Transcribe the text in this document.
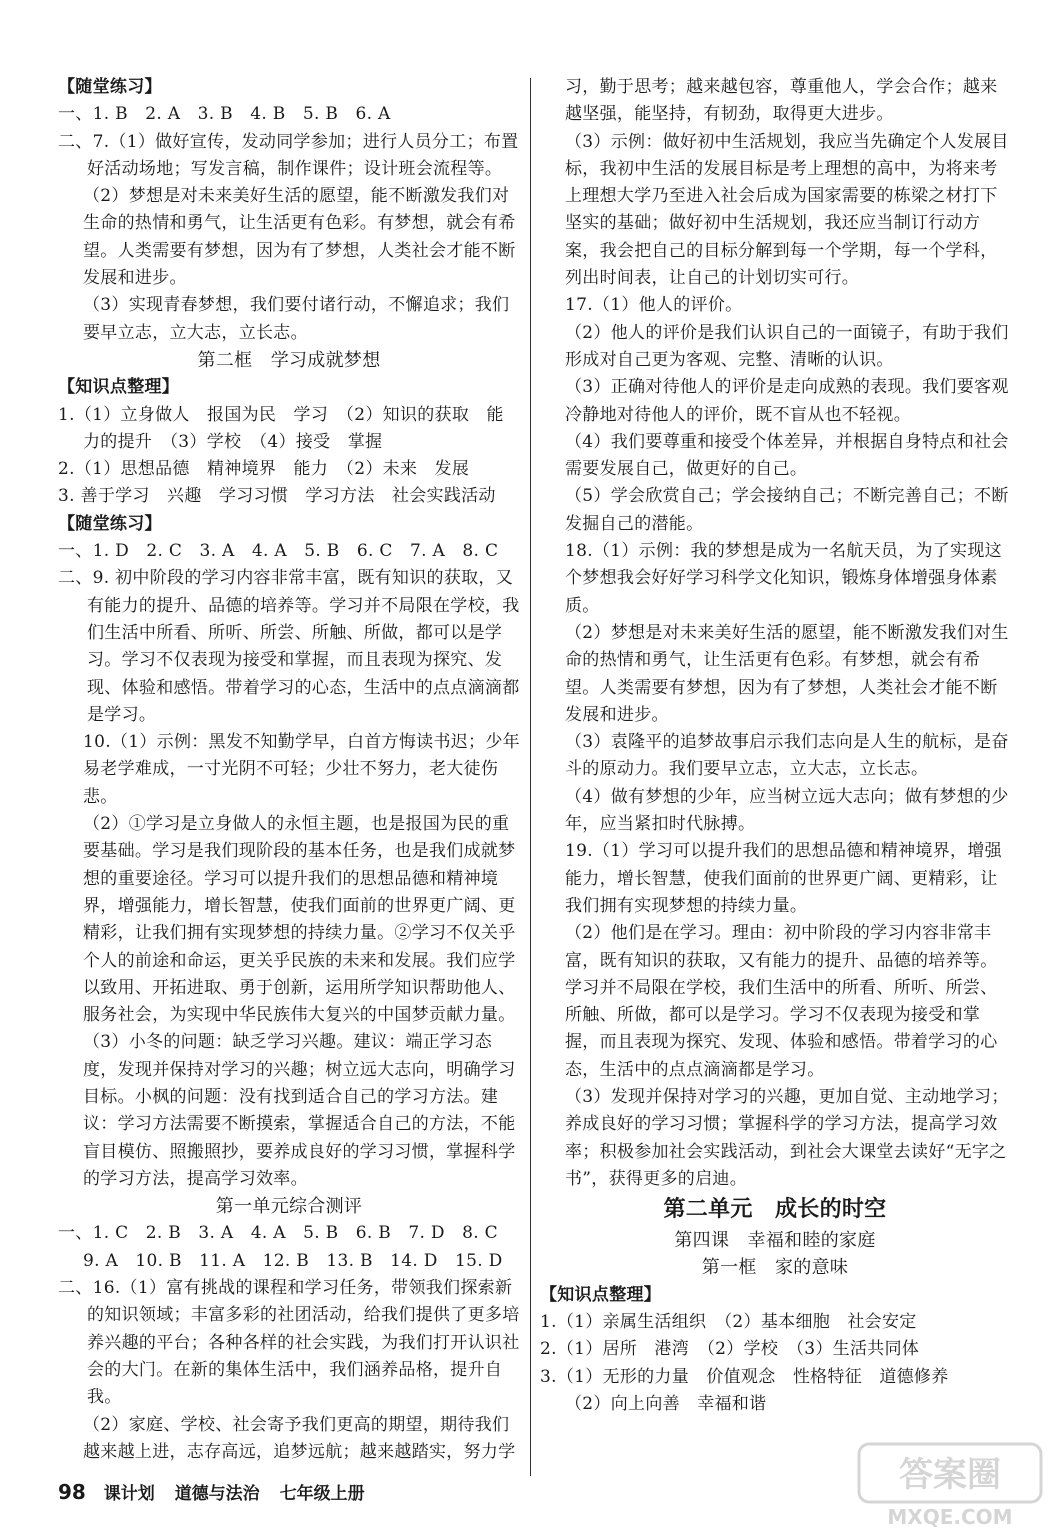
【随堂练习】

一、1. B　2. A　3. B　4. B　5. B　6. A

二、7.（1）做好宣传，发动同学参加；进行人员分工；布置好活动场地；写发言稿，制作课件；设计班会流程等。

（2）梦想是对未来美好生活的愿望，能不断激发我们对生命的热情和勇气，让生活更有色彩。有梦想，就会有希望。人类需要有梦想，因为有了梦想，人类社会才能不断发展和进步。

（3）实现青春梦想，我们要付诸行动，不懈追求；我们要早立志，立大志，立长志。

第二框　学习成就梦想

【知识点整理】

1.（1）立身做人　报国为民　学习　（2）知识的获取　能力的提升　（3）学校　（4）接受　掌握

2.（1）思想品德　精神境界　能力　（2）未来　发展

3. 善于学习　兴趣　学习习惯　学习方法　社会实践活动

【随堂练习】

一、1. D　2. C　3. A　4. A　5. B　6. C　7. A　8. C

二、9. 初中阶段的学习内容非常丰富，既有知识的获取，又有能力的提升、品德的培养等。学习并不局限在学校，我们生活中所看、所听、所尝、所触、所做，都可以是学习。学习不仅表现为接受和掌握，而且表现为探究、发现、体验和感悟。带着学习的心态，生活中的点点滴滴都是学习。

10.（1）示例：黑发不知勤学早，白首方悔读书迟；少年易老学难成，一寸光阴不可轻；少壮不努力，老大徒伤悲。

（2）①学习是立身做人的永恒主题，也是报国为民的重要基础。学习是我们现阶段的基本任务，也是我们成就梦想的重要途径。学习可以提升我们的思想品德和精神境界，增强能力，增长智慧，使我们面前的世界更广阔、更精彩，让我们拥有实现梦想的持续力量。②学习不仅关乎个人的前途和命运，更关乎民族的未来和发展。我们应学以致用、开拓进取、勇于创新，运用所学知识帮助他人、服务社会，为实现中华民族伟大复兴的中国梦贡献力量。

（3）小冬的问题：缺乏学习兴趣。建议：端正学习态度，发现并保持对学习的兴趣；树立远大志向，明确学习目标。小枫的问题：没有找到适合自己的学习方法。建议：学习方法需要不断摸索，掌握适合自己的方法，不能盲目模仿、照搬照抄，要养成良好的学习习惯，掌握科学的学习方法，提高学习效率。

第一单元综合测评

一、1. C　2. B　3. A　4. A　5. B　6. B　7. D　8. C

9. A　10. B　11. A　12. B　13. B　14. D　15. D

二、16.（1）富有挑战的课程和学习任务，带领我们探索新的知识领域；丰富多彩的社团活动，给我们提供了更多培养兴趣的平台；各种各样的社会实践，为我们打开认识社会的大门。在新的集体生活中，我们涵养品格，提升自我。

（2）家庭、学校、社会寄予我们更高的期望，期待我们越来越上进，志存高远，追梦远航；越来越踏实，努力学

习，勤于思考；越来越包容，尊重他人，学会合作；越来越坚强，能坚持，有韧劲，取得更大进步。

（3）示例：做好初中生活规划，我应当先确定个人发展目标，我初中生活的发展目标是考上理想的高中，为将来考上理想大学乃至进入社会后成为国家需要的栋梁之材打下坚实的基础；做好初中生活规划，我还应当制订行动方案，我会把自己的目标分解到每一个学期，每一个学科，列出时间表，让自己的计划切实可行。

17.（1）他人的评价。

（2）他人的评价是我们认识自己的一面镜子，有助于我们形成对自己更为客观、完整、清晰的认识。

（3）正确对待他人的评价是走向成熟的表现。我们要客观冷静地对待他人的评价，既不盲从也不轻视。

（4）我们要尊重和接受个体差异，并根据自身特点和社会需要发展自己，做更好的自己。

（5）学会欣赏自己；学会接纳自己；不断完善自己；不断发掘自己的潜能。

18.（1）示例：我的梦想是成为一名航天员，为了实现这个梦想我会好好学习科学文化知识，锻炼身体增强身体素质。

（2）梦想是对未来美好生活的愿望，能不断激发我们对生命的热情和勇气，让生活更有色彩。有梦想，就会有希望。人类需要有梦想，因为有了梦想，人类社会才能不断发展和进步。

（3）袁隆平的追梦故事启示我们志向是人生的航标，是奋斗的原动力。我们要早立志，立大志，立长志。

（4）做有梦想的少年，应当树立远大志向；做有梦想的少年，应当紧扣时代脉搏。

19.（1）学习可以提升我们的思想品德和精神境界，增强能力，增长智慧，使我们面前的世界更广阔、更精彩，让我们拥有实现梦想的持续力量。

（2）他们是在学习。理由：初中阶段的学习内容非常丰富，既有知识的获取，又有能力的提升、品德的培养等。学习并不局限在学校，我们生活中的所看、所听、所尝、所触、所做，都可以是学习。学习不仅表现为接受和掌握，而且表现为探究、发现、体验和感悟。带着学习的心态，生活中的点点滴滴都是学习。

（3）发现并保持对学习的兴趣，更加自觉、主动地学习；养成良好的学习习惯；掌握科学的学习方法，提高学习效率；积极参加社会实践活动，到社会大课堂去读好“无字之书”，获得更多的启迪。

第二单元　成长的时空

第四课　幸福和睦的家庭

第一框　家的意味

【知识点整理】

1.（1）亲属生活组织　（2）基本细胞　社会安定

2.（1）居所　港湾　（2）学校　（3）生活共同体

3.（1）无形的力量　价值观念　性格特征　道德修养

（2）向上向善　幸福和谐

98 课计划 道德与法治 七年级上册	答案圈
MXQE.COM
